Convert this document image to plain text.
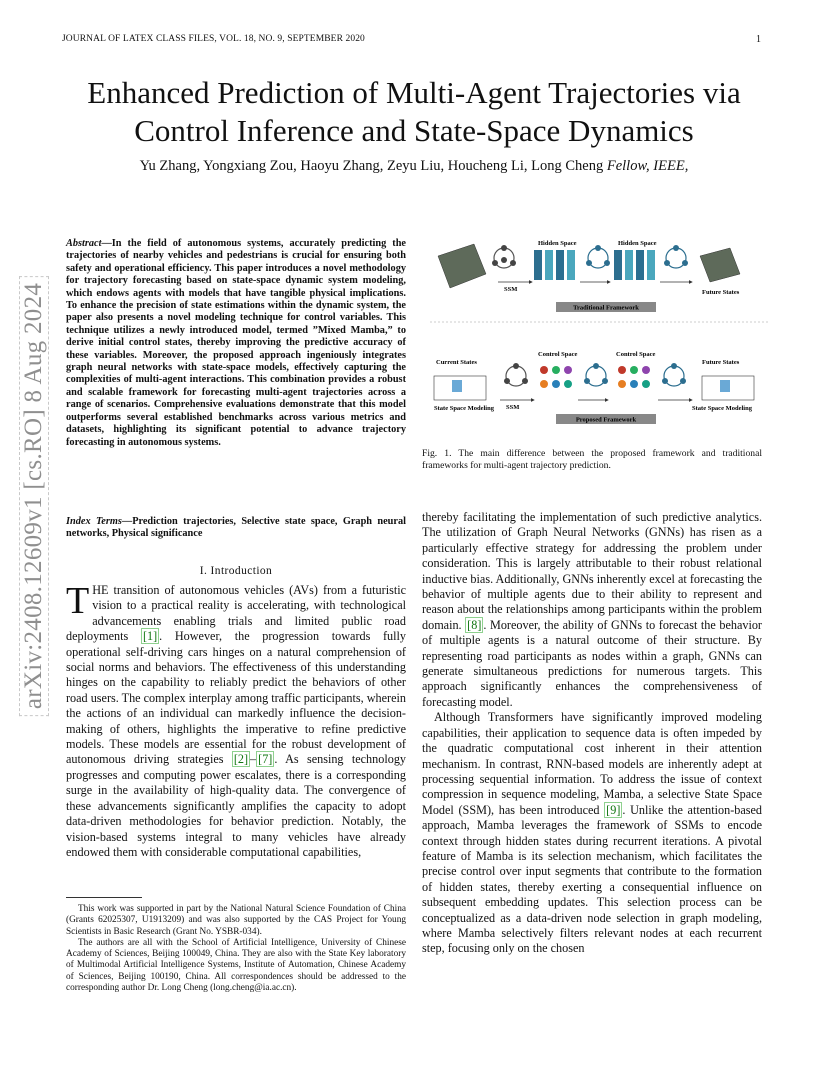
JOURNAL OF LATEX CLASS FILES, VOL. 18, NO. 9, SEPTEMBER 2020	1
Enhanced Prediction of Multi-Agent Trajectories via
Control Inference and State-Space Dynamics
Yu Zhang, Yongxiang Zou, Haoyu Zhang, Zeyu Liu, Houcheng Li, Long Cheng Fellow, IEEE,
arXiv:2408.12609v1 [cs.RO] 8 Aug 2024
Abstract—In the field of autonomous systems, accurately predicting the trajectories of nearby vehicles and pedestrians is crucial for ensuring both safety and operational efficiency. This paper introduces a novel methodology for trajectory forecasting based on state-space dynamic system modeling, which endows agents with models that have tangible physical implications. To enhance the precision of state estimations within the dynamic system, the paper also presents a novel modeling technique for control variables. This technique utilizes a newly introduced model, termed ”Mixed Mamba,” to derive initial control states, thereby improving the predictive accuracy of these variables. Moreover, the proposed approach ingeniously integrates graph neural networks with state-space models, effectively capturing the complexities of multi-agent interactions. This combination provides a robust and scalable framework for forecasting multi-agent trajectories across a range of scenarios. Comprehensive evaluations demonstrate that this model outperforms several established benchmarks across various metrics and datasets, highlighting its significant potential to advance trajectory forecasting in autonomous systems.
Index Terms—Prediction trajectories, Selective state space, Graph neural networks, Physical significance
I. Introduction
THE transition of autonomous vehicles (AVs) from a futuristic vision to a practical reality is accelerating, with technological advancements enabling trials and limited public road deployments [1] . However, the progression towards fully operational self-driving cars hinges on a natural comprehension of social norms and behaviors. The effectiveness of this understanding hinges on the capability to reliably predict the behaviors of other road users. The complex interplay among traffic participants, wherein the actions of an individual can markedly influence the decision-making of others, highlights the imperative to refine predictive models. These models are essential for the robust development of autonomous driving strategies [2] – [7] . As sensing technology progresses and computing power escalates, there is a corresponding surge in the availability of high-quality data. The convergence of these advancements significantly amplifies the capacity to adopt data-driven methodologies for behavior prediction. Notably, the vision-based systems integral to many vehicles have already endowed them with considerable computational capabilities,

This work was supported in part by the National Natural Science Foundation of China (Grants 62025307, U1913209) and was also supported by the CAS Project for Young Scientists in Basic Research (Grant No. YSBR-034).

The authors are all with the School of Artificial Intelligence, University of Chinese Academy of Sciences, Beijing 100049, China. They are also with the State Key laboratory of Multimodal Artificial Intelligence Systems, Institute of Automation, Chinese Academy of Sciences, Beijing 100190, China. All correspondences should be addressed to the corresponding author Dr. Long Cheng (long.cheng@ia.ac.cn).

SSM
Hidden Space	Hidden Space
Future States
Traditional Framework
Current States
State Space Modeling SSM
Control Space	Control Space
Future States
State Space Modeling
Proposed Framework
Fig. 1. The main difference between the proposed framework and traditional frameworks for multi-agent trajectory prediction.

thereby facilitating the implementation of such predictive analytics. The utilization of Graph Neural Networks (GNNs) has risen as a particularly effective strategy for addressing the problem under consideration. This is largely attributable to their robust relational inductive bias. Additionally, GNNs inherently excel at forecasting the behavior of multiple agents due to their ability to represent and reason about the relationships among participants within the problem domain. [8] . Moreover, the ability of GNNs to forecast the behavior of multiple agents is a natural outcome of their structure. By representing road participants as nodes within a graph, GNNs can generate simultaneous predictions for numerous targets. This approach significantly enhances the comprehensiveness of forecasting model.

Although Transformers have significantly improved modeling capabilities, their application to sequence data is often impeded by the quadratic computational cost inherent in their attention mechanism. In contrast, RNN-based models are inherently adept at processing sequential information. To address the issue of context compression in sequence modeling, Mamba, a selective State Space Model (SSM), has been introduced [9] . Unlike the attention-based approach, Mamba leverages the framework of SSMs to encode context through hidden states during recurrent iterations. A pivotal feature of Mamba is its selection mechanism, which facilitates the precise control over input segments that contribute to the formation of hidden states, thereby exerting a consequential influence on subsequent embedding updates. This selection process can be conceptualized as a data-driven node selection in graph modeling, where Mamba selectively filters relevant nodes at each recurrent step, focusing only on the chosen
